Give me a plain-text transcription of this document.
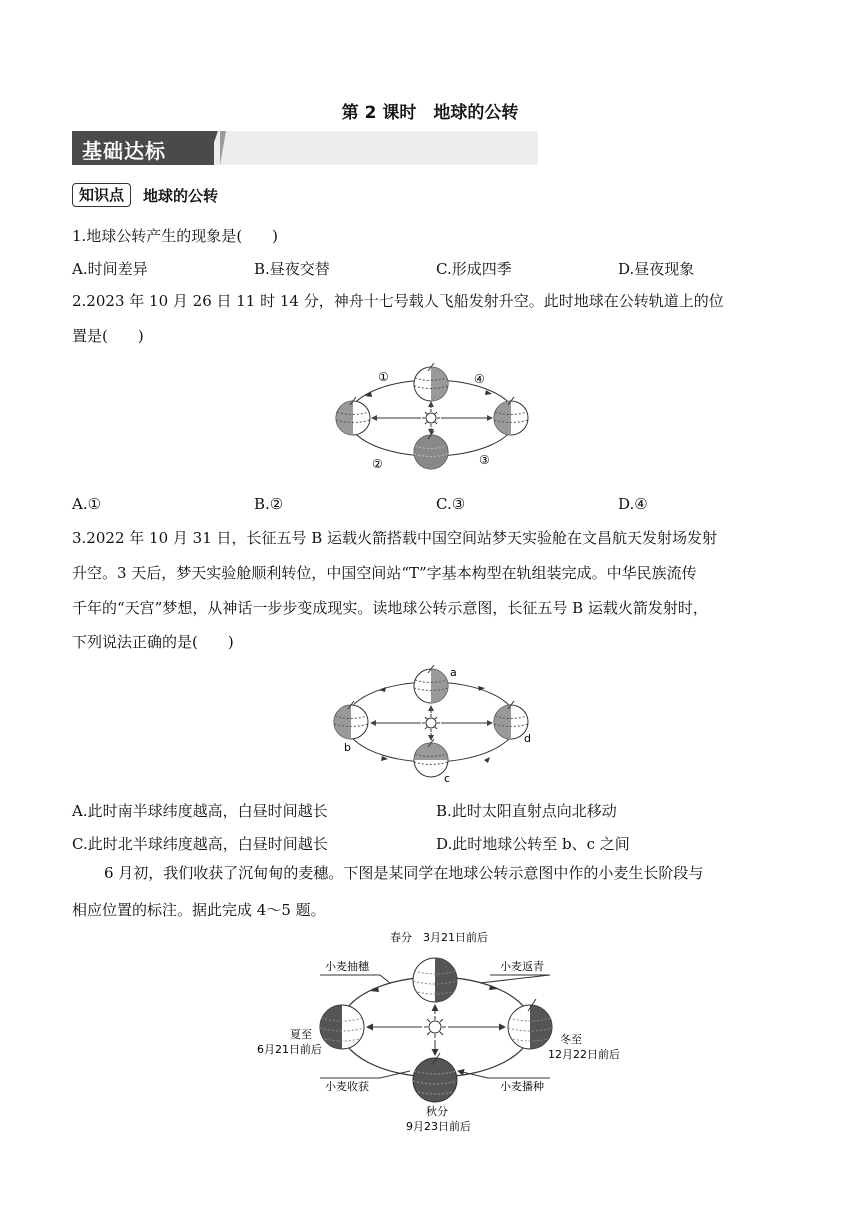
第 2 课时　地球的公转
基础达标
知识点	地球的公转
1.地球公转产生的现象是(　　)
A.时间差异	B.昼夜交替	C.形成四季	D.昼夜现象
2.2023 年 10 月 26 日 11 时 14 分，神舟十七号载人飞船发射升空。此时地球在公转轨道上的位
置是(　　)
①
②	③
④
A.①	B.②	C.③	D.④
3.2022 年 10 月 31 日，长征五号 B 运载火箭搭载中国空间站梦天实验舱在文昌航天发射场发射
升空。3 天后，梦天实验舱顺利转位，中国空间站“T”字基本构型在轨组装完成。中华民族流传
千年的“天宫”梦想，从神话一步步变成现实。读地球公转示意图，长征五号 B 运载火箭发射时，
下列说法正确的是(　　)
a
b
c
d
A.此时南半球纬度越高，白昼时间越长	B.此时太阳直射点向北移动
C.此时北半球纬度越高，白昼时间越长	D.此时地球公转至 b、c 之间
6 月初，我们收获了沉甸甸的麦穗。下图是某同学在地球公转示意图中作的小麦生长阶段与
相应位置的标注。据此完成 4～5 题。
春分　3月21日前后
小麦抽穗	小麦返青
夏至
6月21日前后
冬至
12月22日前后
小麦收获	小麦播种
秋分
9月23日前后
